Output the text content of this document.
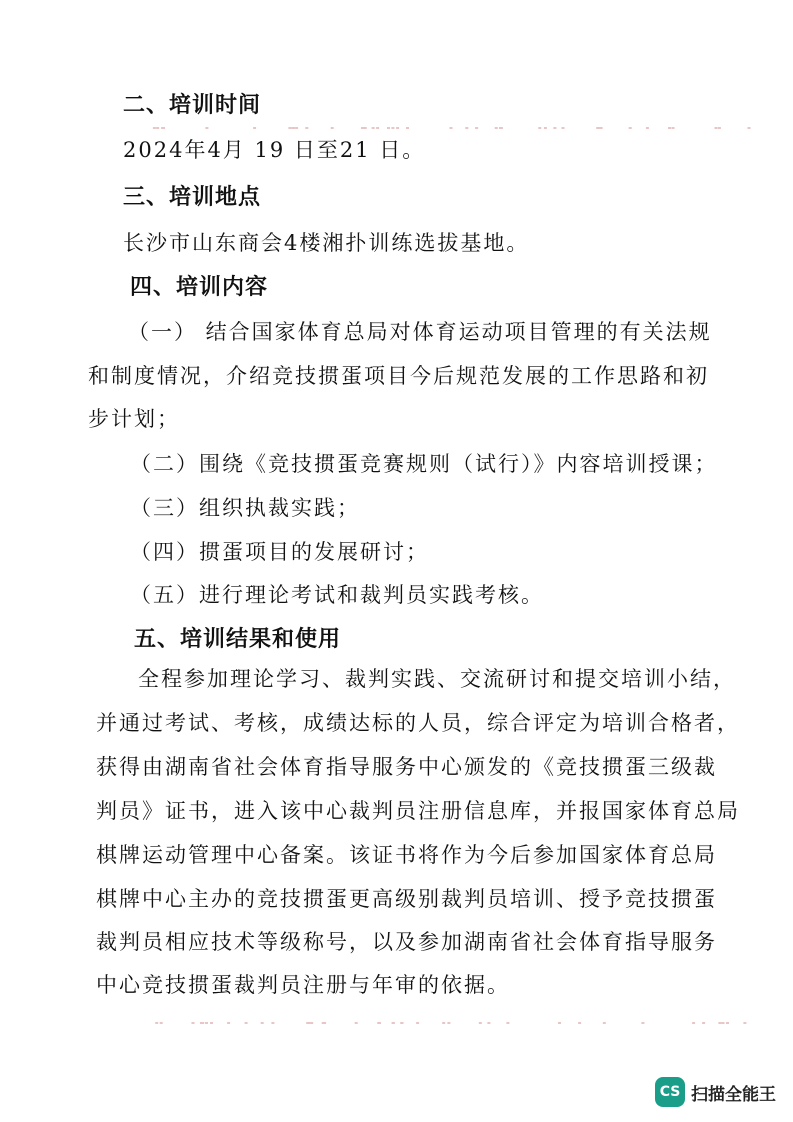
二、培训时间
2024年4月 19 日至21 日。
三、培训地点
长沙市山东商会4楼湘扑训练选拔基地。
四、培训内容
（一） 结合国家体育总局对体育运动项目管理的有关法规
和制度情况，介绍竞技掼蛋项目今后规范发展的工作思路和初
步计划；
（二）围绕《竞技掼蛋竞赛规则（试行）》内容培训授课；
（三）组织执裁实践；
（四）掼蛋项目的发展研讨；
（五）进行理论考试和裁判员实践考核。
五、培训结果和使用
全程参加理论学习、裁判实践、交流研讨和提交培训小结，
并通过考试、考核，成绩达标的人员，综合评定为培训合格者，
获得由湖南省社会体育指导服务中心颁发的《竞技掼蛋三级裁
判员》证书，进入该中心裁判员注册信息库，并报国家体育总局
棋牌运动管理中心备案。该证书将作为今后参加国家体育总局
棋牌中心主办的竞技掼蛋更高级别裁判员培训、授予竞技掼蛋
裁判员相应技术等级称号，以及参加湖南省社会体育指导服务
中心竞技掼蛋裁判员注册与年审的依据。
CS 扫描全能王
